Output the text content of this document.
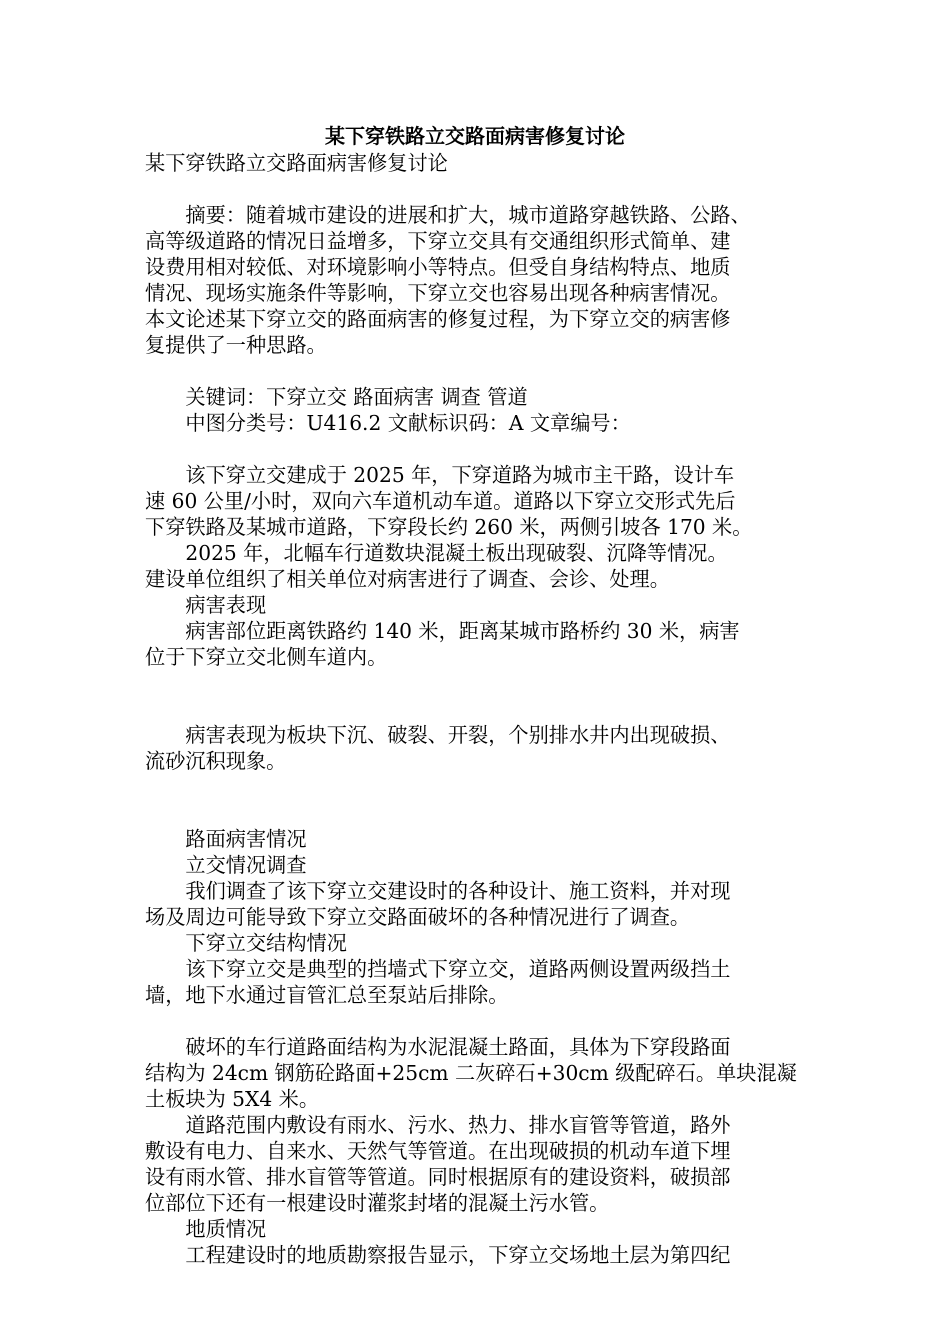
某下穿铁路立交路面病害修复讨论

某下穿铁路立交路面病害修复讨论

　　摘要：随着城市建设的进展和扩大，城市道路穿越铁路、公路、

高等级道路的情况日益增多，下穿立交具有交通组织形式简单、建

设费用相对较低、对环境影响小等特点。但受自身结构特点、地质

情况、现场实施条件等影响，下穿立交也容易出现各种病害情况。

本文论述某下穿立交的路面病害的修复过程，为下穿立交的病害修

复提供了一种思路。

　　关键词：下穿立交 路面病害 调查 管道

　　中图分类号：U416.2 文献标识码：A 文章编号：

　　该下穿立交建成于 2025 年，下穿道路为城市主干路，设计车

速 60 公里/小时，双向六车道机动车道。道路以下穿立交形式先后

下穿铁路及某城市道路，下穿段长约 260 米，两侧引坡各 170 米。

　　2025 年，北幅车行道数块混凝土板出现破裂、沉降等情况。

建设单位组织了相关单位对病害进行了调查、会诊、处理。

　　病害表现

　　病害部位距离铁路约 140 米，距离某城市路桥约 30 米，病害

位于下穿立交北侧车道内。

　　病害表现为板块下沉、破裂、开裂，个别排水井内出现破损、

流砂沉积现象。

　　路面病害情况

　　立交情况调查

　　我们调查了该下穿立交建设时的各种设计、施工资料，并对现

场及周边可能导致下穿立交路面破坏的各种情况进行了调查。

　　下穿立交结构情况

　　该下穿立交是典型的挡墙式下穿立交，道路两侧设置两级挡土

墙，地下水通过盲管汇总至泵站后排除。

　　破坏的车行道路面结构为水泥混凝土路面，具体为下穿段路面

结构为 24cm 钢筋砼路面+25cm 二灰碎石+30cm 级配碎石。单块混凝

土板块为 5X4 米。

　　道路范围内敷设有雨水、污水、热力、排水盲管等管道，路外

敷设有电力、自来水、天然气等管道。在出现破损的机动车道下埋

设有雨水管、排水盲管等管道。同时根据原有的建设资料，破损部

位部位下还有一根建设时灌浆封堵的混凝土污水管。

　　地质情况

　　工程建设时的地质勘察报告显示，下穿立交场地土层为第四纪
